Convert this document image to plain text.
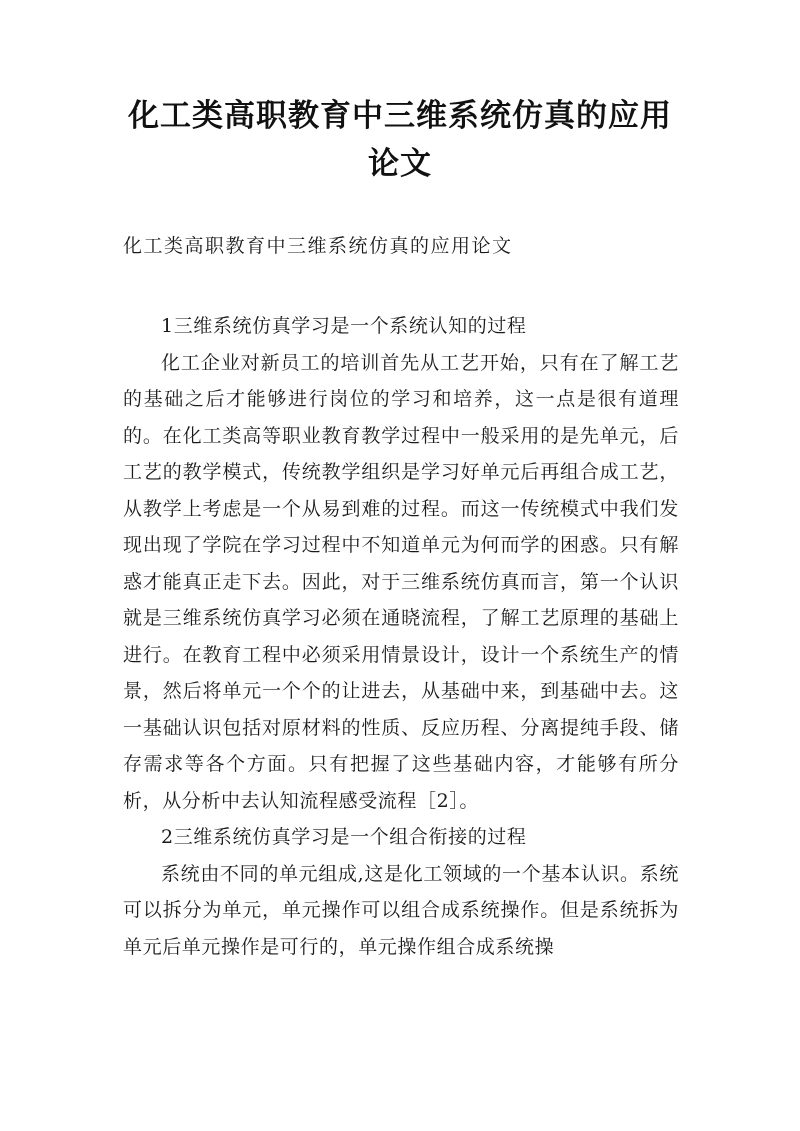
化工类高职教育中三维系统仿真的应用论文
化工类高职教育中三维系统仿真的应用论文

1三维系统仿真学习是一个系统认知的过程

化工企业对新员工的培训首先从工艺开始，只有在了解工艺的基础之后才能够进行岗位的学习和培养，这一点是很有道理的。在化工类高等职业教育教学过程中一般采用的是先单元，后工艺的教学模式，传统教学组织是学习好单元后再组合成工艺，从教学上考虑是一个从易到难的过程。而这一传统模式中我们发现出现了学院在学习过程中不知道单元为何而学的困惑。只有解惑才能真正走下去。因此，对于三维系统仿真而言，第一个认识就是三维系统仿真学习必须在通晓流程，了解工艺原理的基础上进行。在教育工程中必须采用情景设计，设计一个系统生产的情景，然后将单元一个个的让进去，从基础中来，到基础中去。这一基础认识包括对原材料的性质、反应历程、分离提纯手段、储存需求等各个方面。只有把握了这些基础内容，才能够有所分析，从分析中去认知流程感受流程［2］。

2三维系统仿真学习是一个组合衔接的过程

系统由不同的单元组成,这是化工领域的一个基本认识。系统可以拆分为单元，单元操作可以组合成系统操作。但是系统拆为单元后单元操作是可行的，单元操作组合成系统操
